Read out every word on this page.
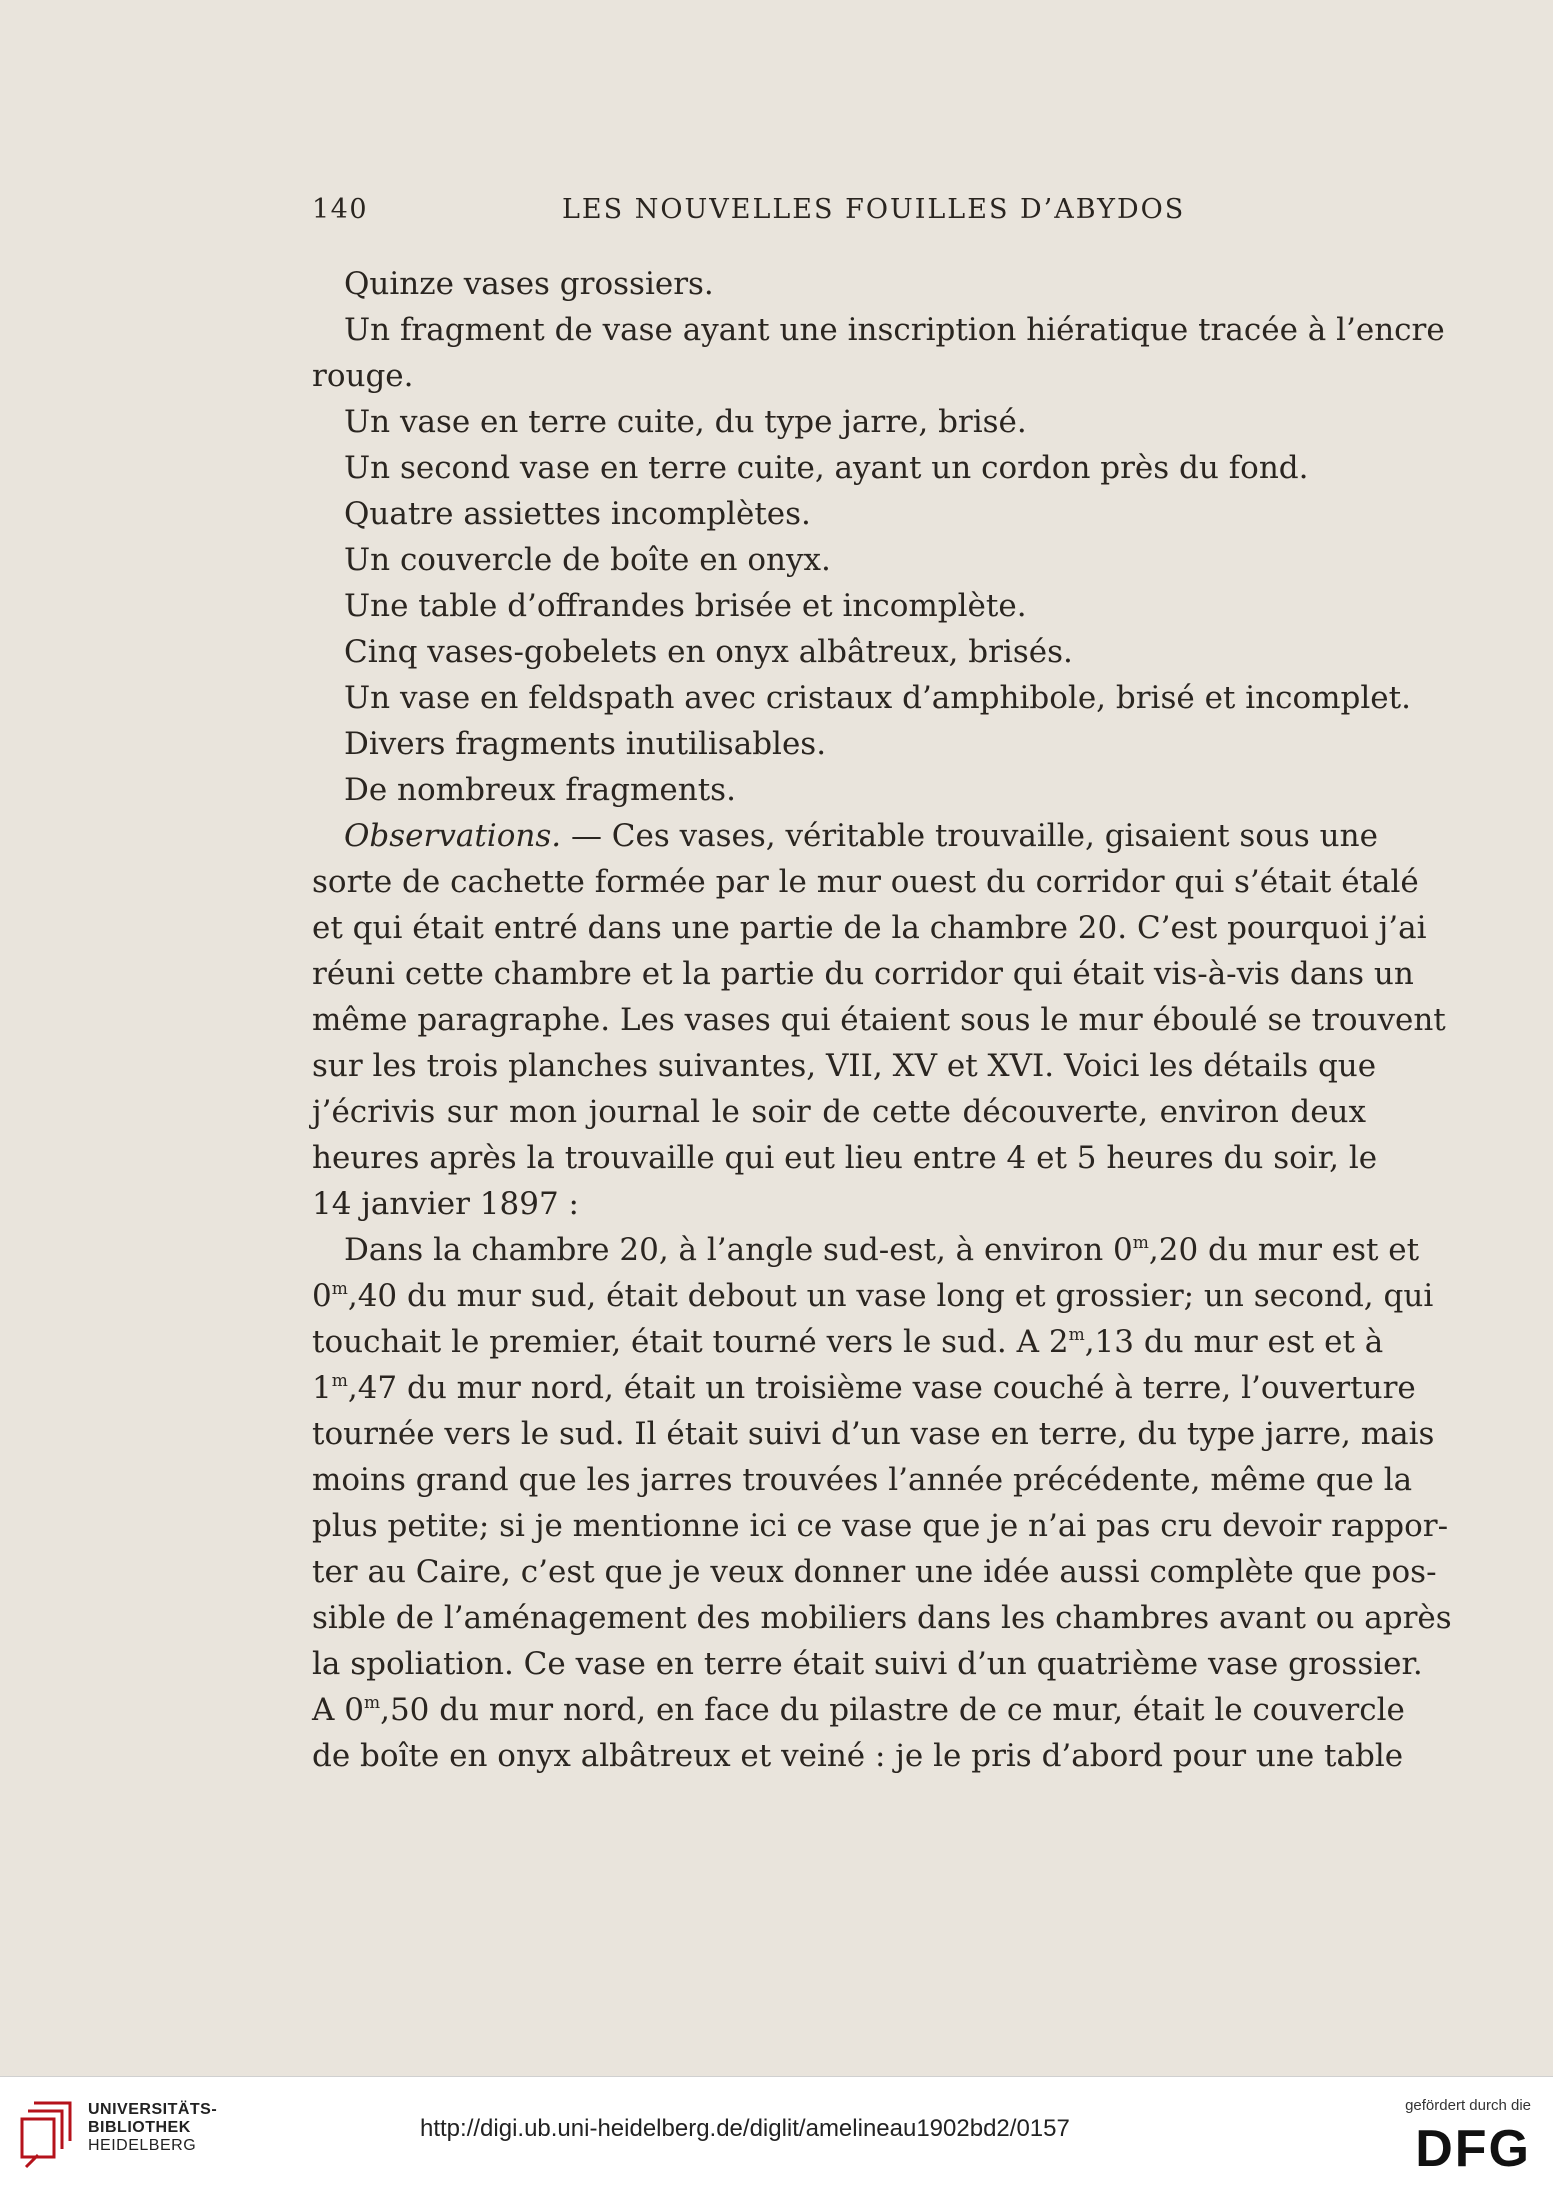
140	LES NOUVELLES FOUILLES D’ABYDOS
Quinze vases grossiers.
Un fragment de vase ayant une inscription hiératique tracée à l’encre
rouge.
Un vase en terre cuite, du type jarre, brisé.
Un second vase en terre cuite, ayant un cordon près du fond.
Quatre assiettes incomplètes.
Un couvercle de boîte en onyx.
Une table d’offrandes brisée et incomplète.
Cinq vases-gobelets en onyx albâtreux, brisés.
Un vase en feldspath avec cristaux d’amphibole, brisé et incomplet.
Divers fragments inutilisables.
De nombreux fragments.
Observations. — Ces vases, véritable trouvaille, gisaient sous une
sorte de cachette formée par le mur ouest du corridor qui s’était étalé
et qui était entré dans une partie de la chambre 20. C’est pourquoi j’ai
réuni cette chambre et la partie du corridor qui était vis-à-vis dans un
même paragraphe. Les vases qui étaient sous le mur éboulé se trouvent
sur les trois planches suivantes, VII, XV et XVI. Voici les détails que
j’écrivis sur mon journal le soir de cette découverte, environ deux
heures après la trouvaille qui eut lieu entre 4 et 5 heures du soir, le
14 janvier 1897 :
Dans la chambre 20, à l’angle sud-est, à environ 0$^m$,20 du mur est et
0$^m$,40 du mur sud, était debout un vase long et grossier; un second, qui
touchait le premier, était tourné vers le sud. A 2$^m$,13 du mur est et à
1$^m$,47 du mur nord, était un troisième vase couché à terre, l’ouverture
tournée vers le sud. Il était suivi d’un vase en terre, du type jarre, mais
moins grand que les jarres trouvées l’année précédente, même que la
plus petite; si je mentionne ici ce vase que je n’ai pas cru devoir rappor-
ter au Caire, c’est que je veux donner une idée aussi complète que pos-
sible de l’aménagement des mobiliers dans les chambres avant ou après
la spoliation. Ce vase en terre était suivi d’un quatrième vase grossier.
A 0$^m$,50 du mur nord, en face du pilastre de ce mur, était le couvercle
de boîte en onyx albâtreux et veiné : je le pris d’abord pour une table
UNIVERSITÄTS-
BIBLIOTHEK
HEIDELBERG
http://digi.ub.uni-heidelberg.de/diglit/amelineau1902bd2/0157
gefördert durch die
DFG
